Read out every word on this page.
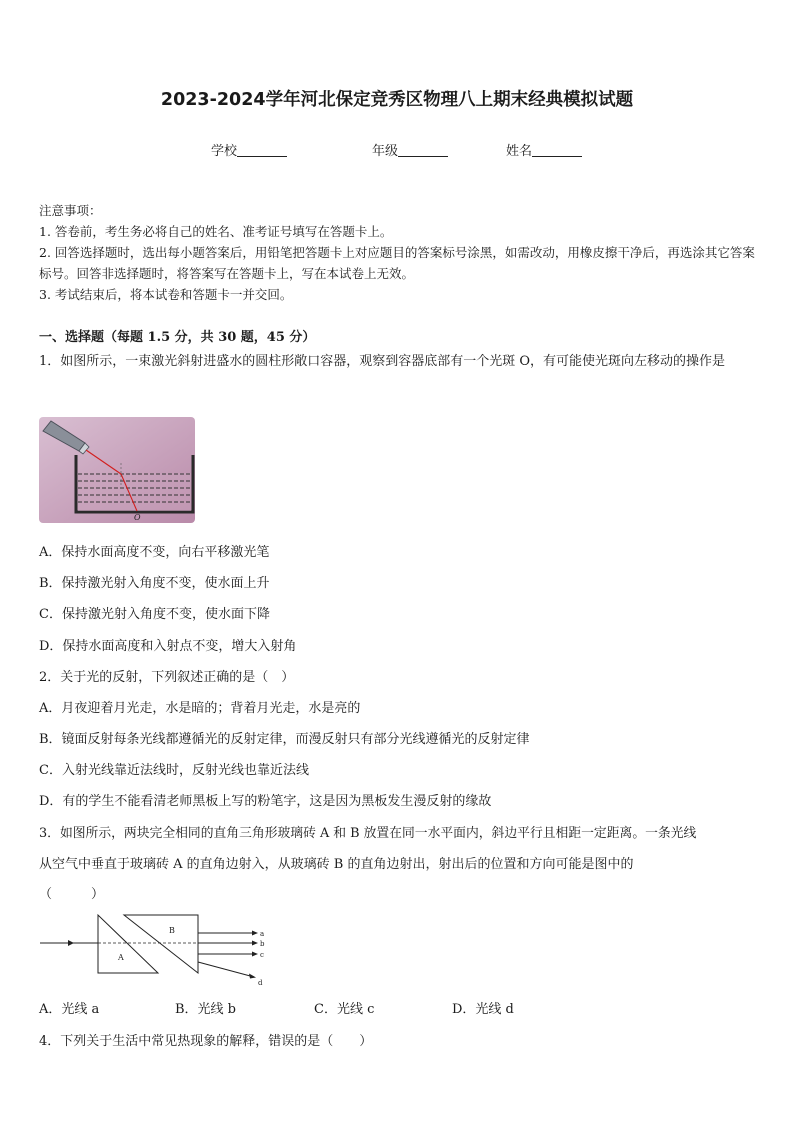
2023-2024学年河北保定竞秀区物理八上期末经典模拟试题
学校	年级	姓名
注意事项：
1. 答卷前，考生务必将自己的姓名、准考证号填写在答题卡上。
2. 回答选择题时，选出每小题答案后，用铅笔把答题卡上对应题目的答案标号涂黑，如需改动，用橡皮擦干净后，再选涂其它答案标号。回答非选择题时，将答案写在答题卡上，写在本试卷上无效。
3. 考试结束后，将本试卷和答题卡一并交回。
一、选择题（每题 1.5 分，共 30 题，45 分）
1．如图所示，一束激光斜射进盛水的圆柱形敞口容器，观察到容器底部有一个光斑 O，有可能使光斑向左移动的操作是
O
A．保持水面高度不变，向右平移激光笔
B．保持激光射入角度不变，使水面上升
C．保持激光射入角度不变，使水面下降
D．保持水面高度和入射点不变，增大入射角
2．关于光的反射，下列叙述正确的是（　）
A．月夜迎着月光走，水是暗的；背着月光走，水是亮的
B．镜面反射每条光线都遵循光的反射定律，而漫反射只有部分光线遵循光的反射定律
C．入射光线靠近法线时，反射光线也靠近法线
D．有的学生不能看清老师黑板上写的粉笔字，这是因为黑板发生漫反射的缘故
3．如图所示，两块完全相同的直角三角形玻璃砖 A 和 B 放置在同一水平面内，斜边平行且相距一定距离。一条光线
从空气中垂直于玻璃砖 A 的直角边射入，从玻璃砖 B 的直角边射出，射出后的位置和方向可能是图中的
（　　　）
A
B	a
b
c
d
A．光线 a	B．光线 b	C．光线 c	D．光线 d
4．下列关于生活中常见热现象的解释，错误的是（　　）
